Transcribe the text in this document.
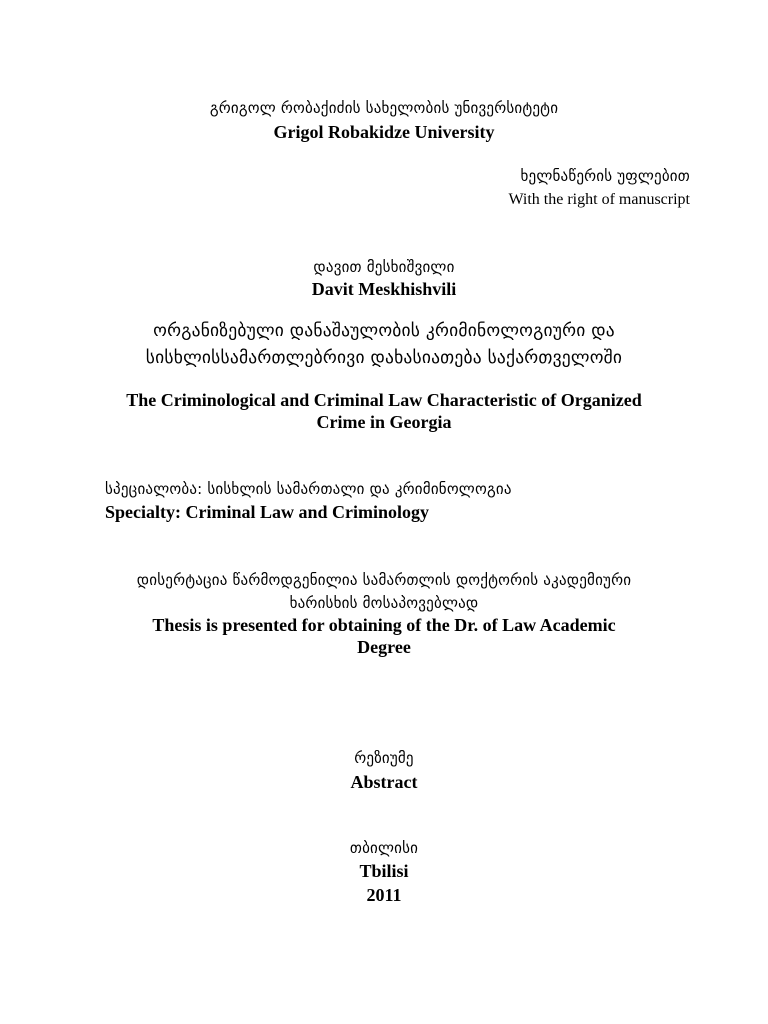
გრიგოლ რობაქიძის სახელობის უნივერსიტეტი
Grigol Robakidze University
ხელნაწერის უფლებით
With the right of manuscript
დავით მესხიშვილი
Davit Meskhishvili
ორგანიზებული დანაშაულობის კრიმინოლოგიური და
სისხლისსამართლებრივი დახასიათება საქართველოში
The Criminological and Criminal Law Characteristic of Organized
Crime in Georgia
სპეციალობა: სისხლის სამართალი და კრიმინოლოგია
Specialty: Criminal Law and Criminology
დისერტაცია წარმოდგენილია სამართლის დოქტორის აკადემიური
ხარისხის მოსაპოვებლად
Thesis is presented for obtaining of the Dr. of Law Academic
Degree
რეზიუმე
Abstract
თბილისი
Tbilisi
2011
